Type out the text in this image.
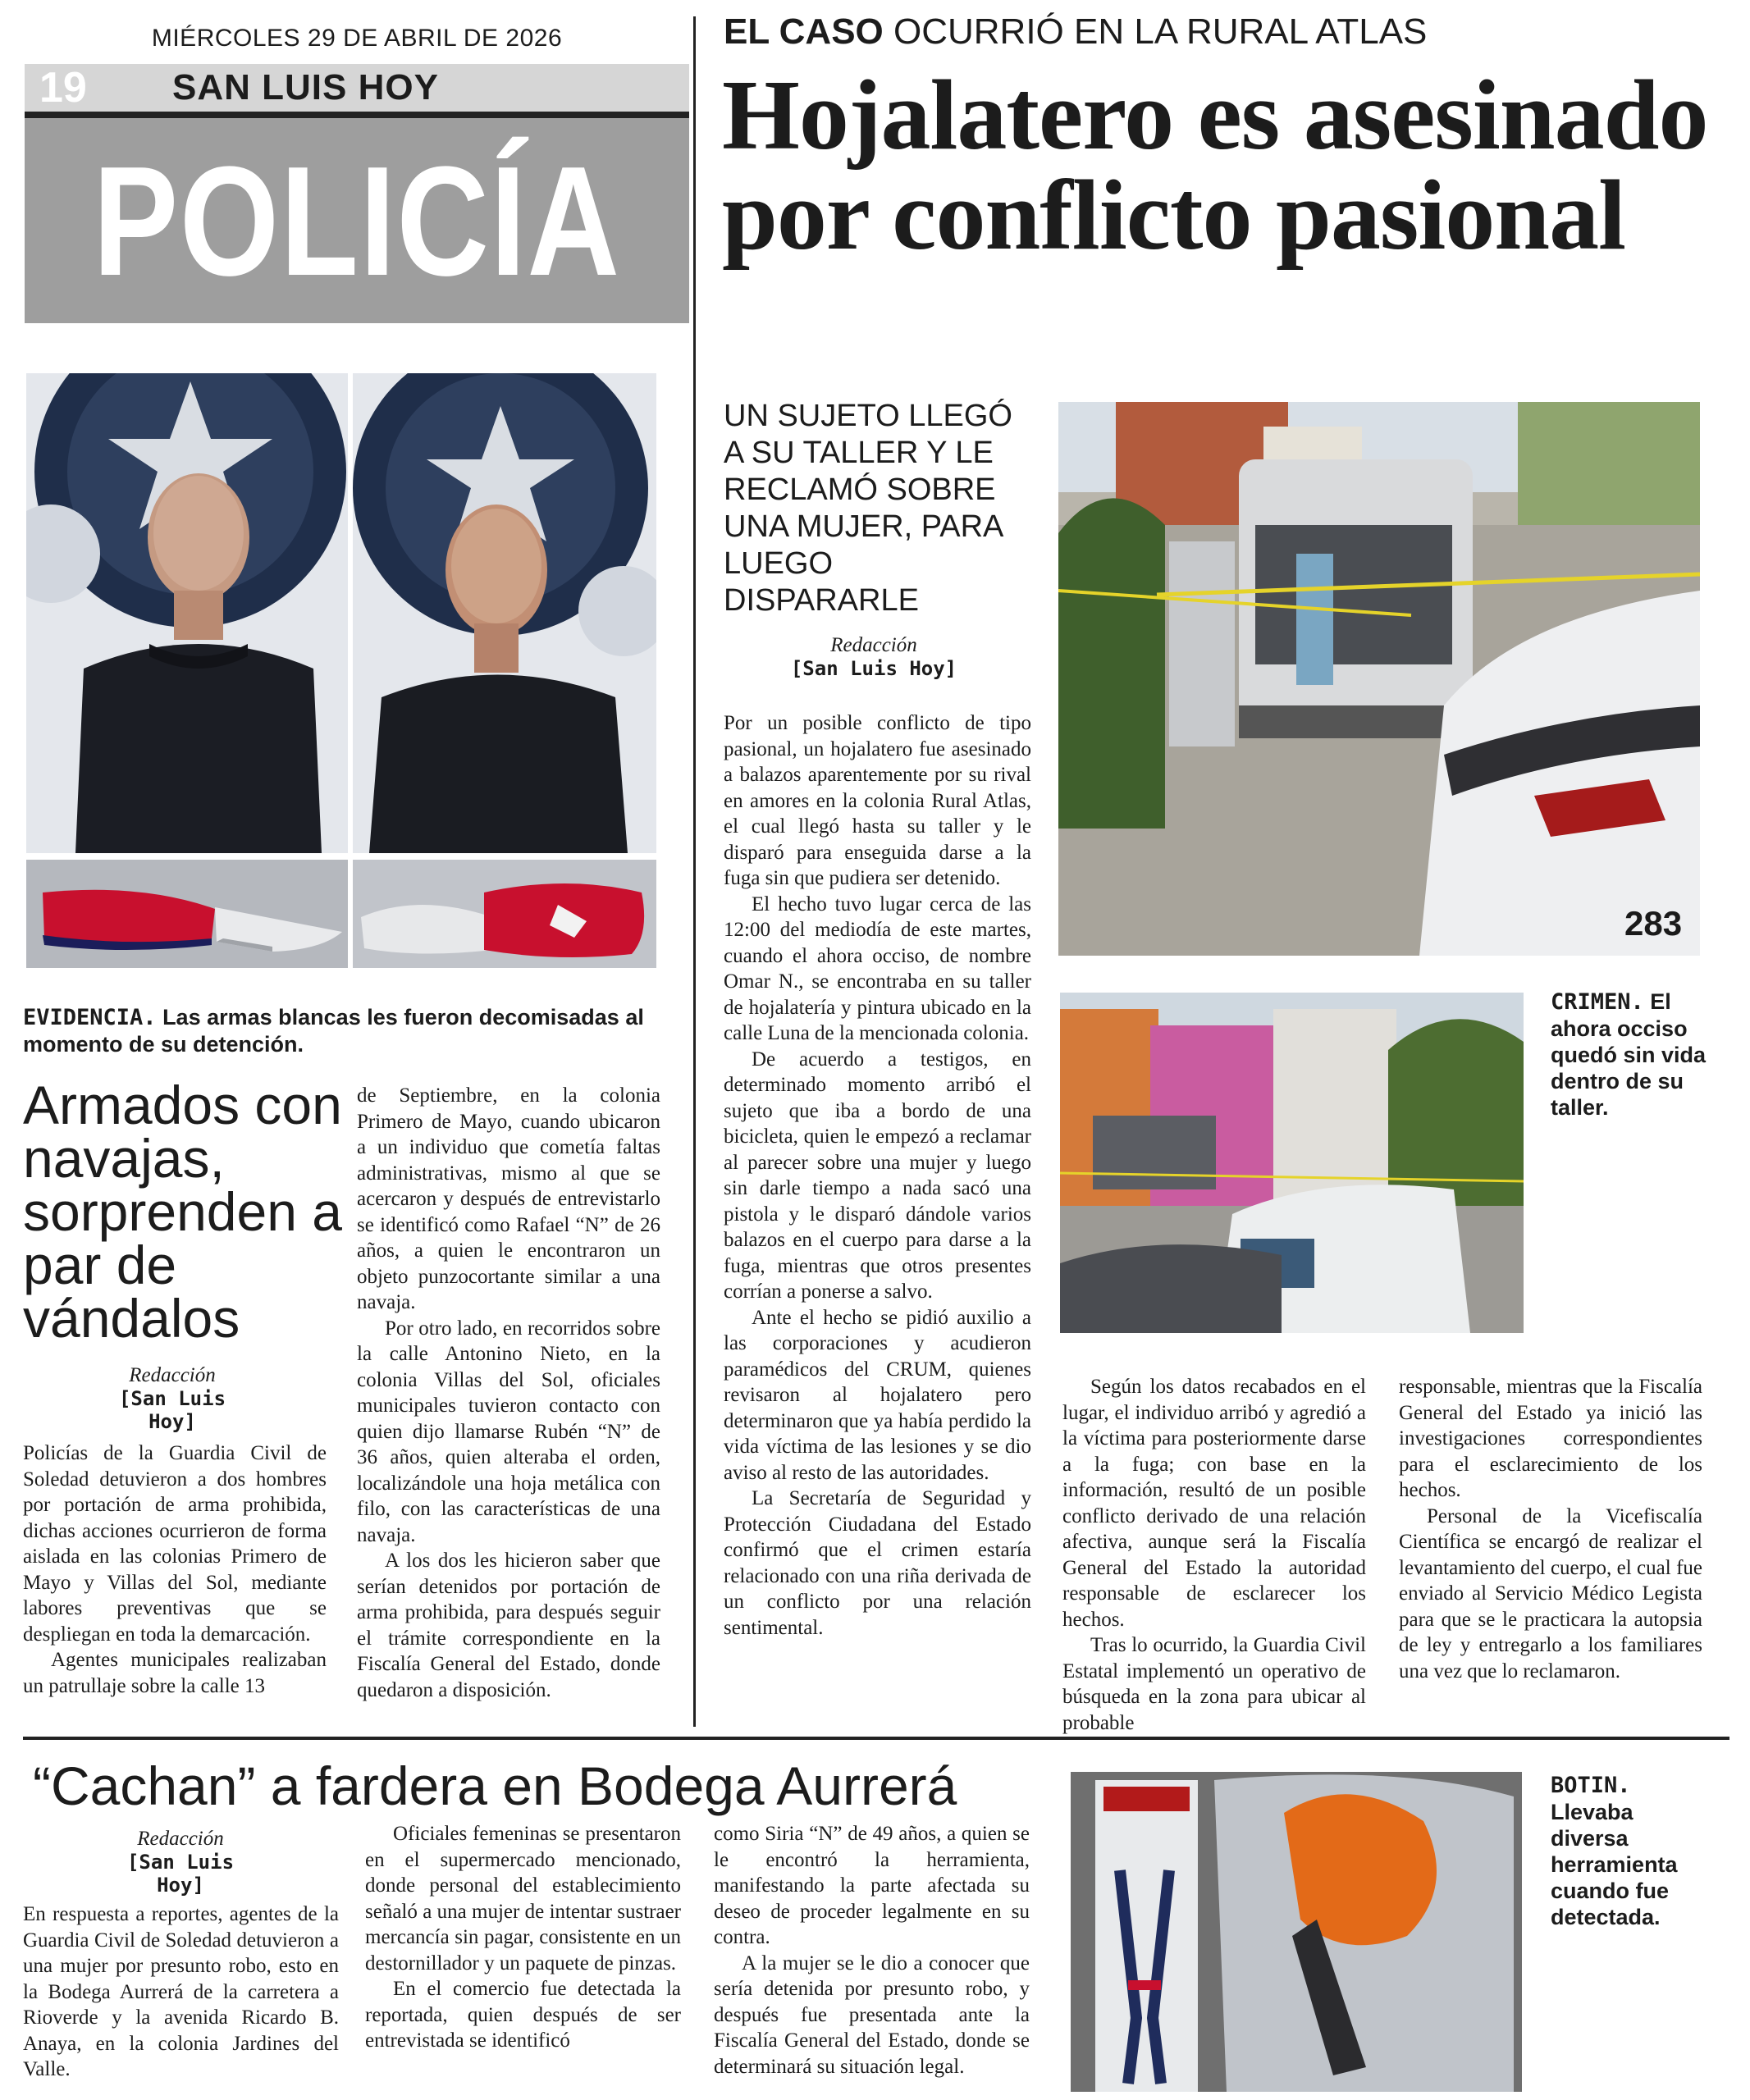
MIÉRCOLES 29 DE ABRIL DE 2026
19 SAN LUIS HOY
POLICÍA
EVIDENCIA. Las armas blancas les fueron decomisadas al momento de su detención.
Armados con navajas, sorprenden a par de vándalos
Redacción
[San Luis Hoy]

Policías de la Guardia Civil de Soledad detuvieron a dos hombres por portación de arma prohibida, dichas acciones ocurrieron de forma aislada en las colonias Primero de Mayo y Villas del Sol, mediante labores preventivas que se despliegan en toda la demarcación.

Agentes municipales realizaban un patrullaje sobre la calle 13

de Septiembre, en la colonia Primero de Mayo, cuando ubicaron a un individuo que cometía faltas administrativas, mismo al que se acercaron y después de entrevistarlo se identificó como Rafael “N” de 26 años, a quien le encontraron un objeto punzocortante similar a una navaja.

Por otro lado, en recorridos sobre la calle Antonino Nieto, en la colonia Villas del Sol, oficiales municipales tuvieron contacto con quien dijo llamarse Rubén “N” de 36 años, quien alteraba el orden, localizándole una hoja metálica con filo, con las características de una navaja.

A los dos les hicieron saber que serían detenidos por portación de arma prohibida, para después seguir el trámite correspondiente en la Fiscalía General del Estado, donde quedaron a disposición.

EL CASO OCURRIÓ EN LA RURAL ATLAS
Hojalatero es asesinado por conflicto pasional
UN SUJETO LLEGÓ A SU TALLER Y LE RECLAMÓ SOBRE UNA MUJER, PARA LUEGO DISPARARLE
Redacción
[San Luis Hoy]

Por un posible conflicto de tipo pasional, un hojalatero fue asesinado a balazos aparentemente por su rival en amores en la colonia Rural Atlas, el cual llegó hasta su taller y le disparó para enseguida darse a la fuga sin que pudiera ser detenido.

El hecho tuvo lugar cerca de las 12:00 del mediodía de este martes, cuando el ahora occiso, de nombre Omar N., se encontraba en su taller de hojalatería y pintura ubicado en la calle Luna de la mencionada colonia.

De acuerdo a testigos, en determinado momento arribó el sujeto que iba a bordo de una bicicleta, quien le empezó a reclamar al parecer sobre una mujer y luego sin darle tiempo a nada sacó una pistola y le disparó dándole varios balazos en el cuerpo para darse a la fuga, mientras que otros presentes corrían a ponerse a salvo.

Ante el hecho se pidió auxilio a las corporaciones y acudieron paramédicos del CRUM, quienes revisaron al hojalatero pero determinaron que ya había perdido la vida víctima de las lesiones y se dio aviso al resto de las autoridades.

La Secretaría de Seguridad y Protección Ciudadana del Estado confirmó que el crimen estaría relacionado con una riña derivada de un conflicto por una relación sentimental.

283
CRIMEN. El ahora occiso quedó sin vida dentro de su taller.

Según los datos recabados en el lugar, el individuo arribó y agredió a la víctima para posteriormente darse a la fuga; con base en la información, resultó de un posible conflicto derivado de una relación afectiva, aunque será la Fiscalía General del Estado la autoridad responsable de esclarecer los hechos.

Tras lo ocurrido, la Guardia Civil Estatal implementó un operativo de búsqueda en la zona para ubicar al probable

responsable, mientras que la Fiscalía General del Estado ya inició las investigaciones correspondientes para el esclarecimiento de los hechos.

Personal de la Vicefiscalía Científica se encargó de realizar el levantamiento del cuerpo, el cual fue enviado al Servicio Médico Legista para que se le practicara la autopsia de ley y entregarlo a los familiares una vez que lo reclamaron.

“Cachan” a fardera en Bodega Aurrerá
Redacción
[San Luis Hoy]

En respuesta a reportes, agentes de la Guardia Civil de Soledad detuvieron a una mujer por presunto robo, esto en la Bodega Aurrerá de la carretera a Rioverde y la avenida Ricardo B. Anaya, en la colonia Jardines del Valle.

Oficiales femeninas se presentaron en el supermercado mencionado, donde personal del establecimiento señaló a una mujer de intentar sustraer mercancía sin pagar, consistente en un destornillador y un paquete de pinzas.

En el comercio fue detectada la reportada, quien después de ser entrevistada se identificó

como Siria “N” de 49 años, a quien se le encontró la herramienta, manifestando la parte afectada su deseo de proceder legalmente en su contra.

A la mujer se le dio a conocer que sería detenida por presunto robo, y después fue presentada ante la Fiscalía General del Estado, donde se determinará su situación legal.

BOTIN. Llevaba diversa herramienta cuando fue detectada.
